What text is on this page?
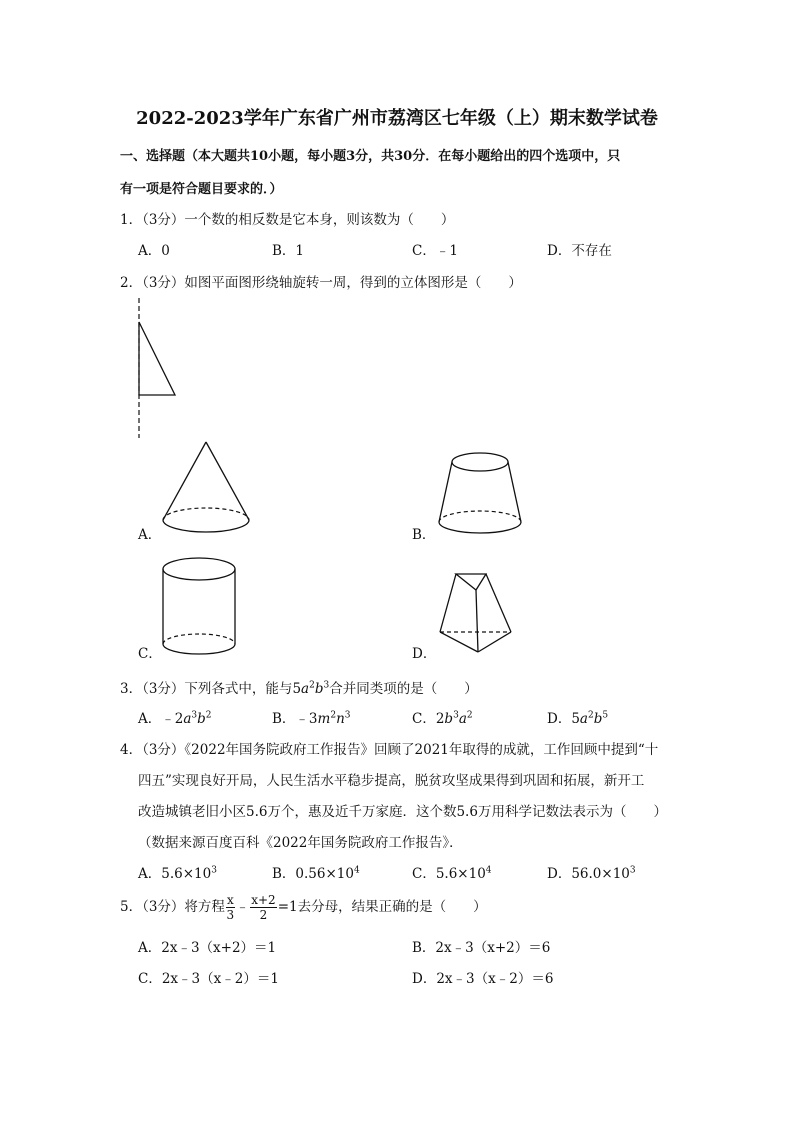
2022-2023学年广东省广州市荔湾区七年级（上）期末数学试卷
一、选择题（本大题共10小题，每小题3分，共30分．在每小题给出的四个选项中，只
有一项是符合题目要求的．）
1．（3分）一个数的相反数是它本身，则该数为（　　）
A．0	B．1	C．﹣1	D．不存在
2．（3分）如图平面图形绕轴旋转一周，得到的立体图形是（　　）
A．	B．
C．	D．
3．（3分）下列各式中，能与$5a^2b^3$合并同类项的是（　　）
A．$﹣2a^3b^2$	B．$﹣3m^2n^3$	C．$2b^3a^2$	D．$5a^2b^5$
4．（3分）《2022年国务院政府工作报告》回顾了2021年取得的成就，工作回顾中提到“十
四五”实现良好开局，人民生活水平稳步提高，脱贫攻坚成果得到巩固和拓展，新开工
改造城镇老旧小区5.6万个，惠及近千万家庭．这个数5.6万用科学记数法表示为（　　）
（数据来源百度百科《2022年国务院政府工作报告》．
A．$5.6\times 10^3$	B．$0.56\times 10^4$	C．$5.6\times 10^4$	D．$56.0\times 10^3$
5．（3分）将方程 $\frac{x}{3}$ ﹣ $\frac{x+2}{2} =1$去分母，结果正确的是（　　）
A．2x﹣3（x+2）＝1	B．2x﹣3（x+2）＝6
C．2x﹣3（x﹣2）＝1	D．2x﹣3（x﹣2）＝6
